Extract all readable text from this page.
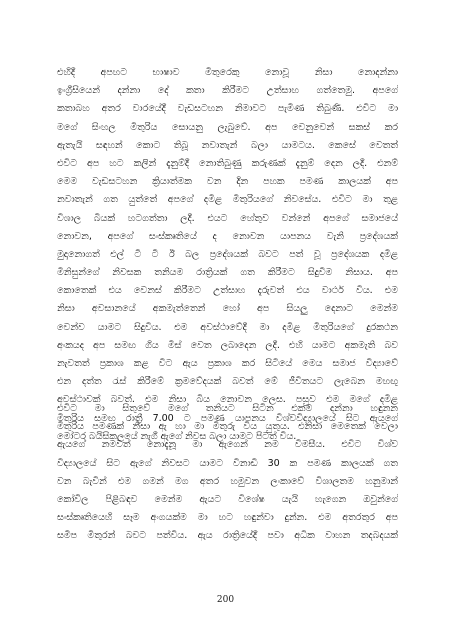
එහිදී අපහට භාෂාව මිතුරෙකු නොවූ නිසා නොදන්නා
ඉංග්‍රීසියෙන් දන්නා දේ කතා කිරීමට උත්සාහ ගත්තෙමු. අපගේ
කතාබහ අතර වාරයේදී වැඩසටහන නිමාවට පැමිණ තිබුණි. එවිට මා
මගේ සිංහල මිතුරිය සොයනු ලැබුවේ. අප වෙනුවෙන් සකස් කර
ඇතැයි සඳහන් කොට තිබූ නවාතැන් බලා යාමටය. කෙසේ වෙතත්
එවිට අප හට කලින් දැනුම්දී නොතිබුණු කරුණක් දැනුම් දෙන ලදී. එනම්
මෙම වැඩසටහන ක්‍රියාත්මක වන දින පහක පමණ කාලයක් අප
නවාතැන් ගත යුත්තේ අපගේ දමිළ මිතුරියගේ නිවසේය. එවිට මා තුළ
විශාල බියක් හටගත්තා ලදී. එයට හේතුව වන්නේ අපගේ සමාජයේ
නොවන, අපගේ සංස්කෘතියේ ද නොවන යාපනය වැනි ප්‍රදේශයක්
මුදානොගත් එල් ටී ටී ඊ බල ප්‍රදේශයක් බවට පත් වූ ප්‍රදේශයක දමිළ
මිනිසුන්ගේ නිවසක තනියම රාත්‍රියක් ගත කිරීමට සිදුවීම නිසාය. අප
කොතෙක් එය වෙනස් කිරීමට උත්සාහ දැරුවත් එය වාර්ථ විය. එම
නිසා අවසානයේ අකමැත්තෙන් හෝ අප සියලු දෙනාට මෙන්ම
වෙන්ව යාමට සිදුවිය. එම අවස්ථාවේදී මා දමිළ මිතුරියගේ දුරකථන
අංකයද අප සමඟ ගිය මිස් වෙත ලබාදෙන ලදී. එහි යාමට අකමැති බව
නැවතත් ප්‍රකාශ කළ විට ඇය ප්‍රකාශ කර සිටියේ මෙය සමාජ විද්‍යාවේ
එන දත්ත රැස් කිරීමේ ක්‍රමවේදයක් බවත් මේ ජීවිතයට ලැබෙන මහඟු
අවස්ථාවක් බවත්. එම නිසා බිය නොවන ලෙස. පසුව එම මගේ දමිළ
මිතුරිය සමඟ රාත්‍රී 7.00 ට පමණ යාපනය විශ්වවිද්‍යාලයේ සිට ඇයගේ
මෝටර බයිසිකලයේ නැගී ඇගේ නිවස බලා යාමට පිටත් විය.
එවිට මා සිතුවේ මගේ තනියට සිටින එකම දන්නා හඳුනන
මිතුරිය පමණක් නිසා ඇ හා මා මිතුරු විය යුතුය. එනිසා මෙතෙක් වෙලා
ඇයගේ නමවත් නොදැනූ මා ඇගෙන් නම විමසීය. එවිට විශ්ව
විද්‍යාලයේ සිට ඇගේ නිවසට යාමට විනාඩි 30 ක පමණ කාලයක් ගත
වන බැවින් එම ගමන් මග අතර හමුවන ලංකාවේ විශාලතම හනුමාන්
කෝවිල පිළිබඳව මෙන්ම ඇයට විශේෂ යැයි හැගෙන ඔවුන්ගේ
සංස්කෘතියෙහි සෑම අංගයක්ම මා හට හඳුන්වා දුන්න. එම අතරතුර අප
සමීප මිතුරන් බවට පත්විය. ඇය රාත්‍රියේදී පවා අධික වාහන තදබදයක්
200
